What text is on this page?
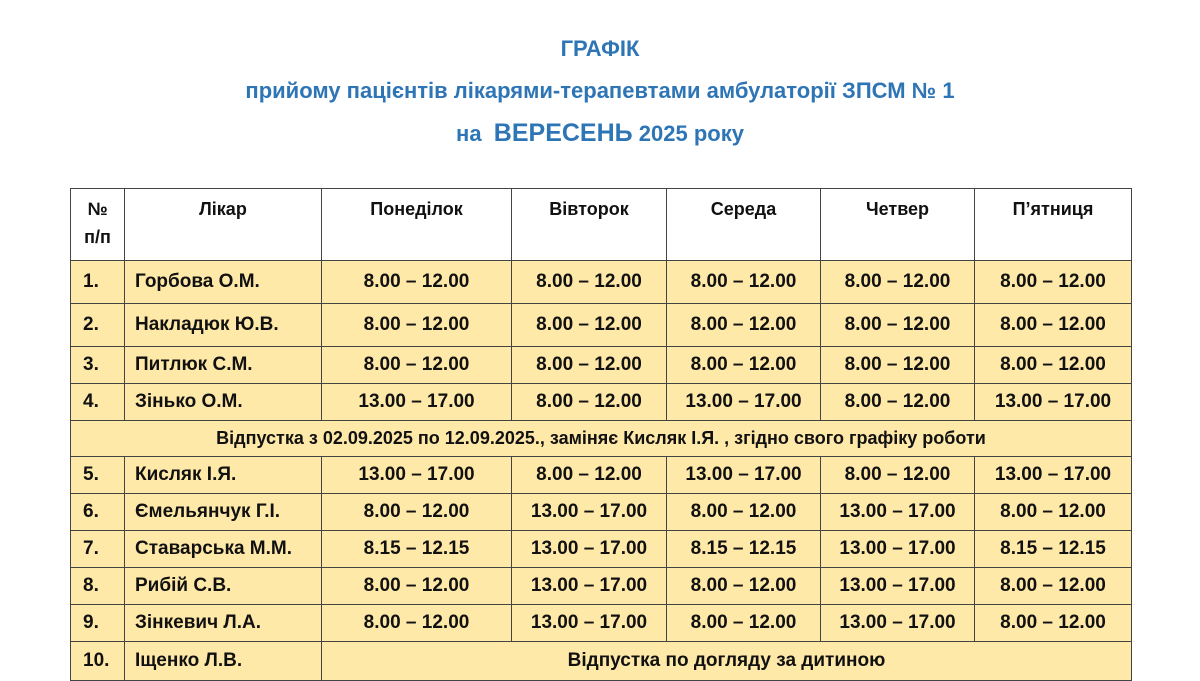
ГРАФІК
прийому пацієнтів лікарями-терапевтами амбулаторії ЗПСМ № 1
на ВЕРЕСЕНЬ 2025 року
№
п/п	Лікар	Понеділок	Вівторок	Середа	Четвер	П’ятниця
1.	Горбова О.М.	8.00 – 12.00	8.00 – 12.00	8.00 – 12.00	8.00 – 12.00	8.00 – 12.00
2.	Накладюк Ю.В.	8.00 – 12.00	8.00 – 12.00	8.00 – 12.00	8.00 – 12.00	8.00 – 12.00
3.	Питлюк С.М.	8.00 – 12.00	8.00 – 12.00	8.00 – 12.00	8.00 – 12.00	8.00 – 12.00
4.	Зінько О.М.	13.00 – 17.00	8.00 – 12.00	13.00 – 17.00	8.00 – 12.00	13.00 – 17.00
Відпустка з 02.09.2025 по 12.09.2025., заміняє Кисляк І.Я. , згідно свого графіку роботи						
5.	Кисляк І.Я.	13.00 – 17.00	8.00 – 12.00	13.00 – 17.00	8.00 – 12.00	13.00 – 17.00
6.	Ємельянчук Г.І.	8.00 – 12.00	13.00 – 17.00	8.00 – 12.00	13.00 – 17.00	8.00 – 12.00
7.	Ставарська М.М.	8.15 – 12.15	13.00 – 17.00	8.15 – 12.15	13.00 – 17.00	8.15 – 12.15
8.	Рибій С.В.	8.00 – 12.00	13.00 – 17.00	8.00 – 12.00	13.00 – 17.00	8.00 – 12.00
9.	Зінкевич Л.А.	8.00 – 12.00	13.00 – 17.00	8.00 – 12.00	13.00 – 17.00	8.00 – 12.00
10.	Іщенко Л.В.	Відпустка по догляду за дитиною				
